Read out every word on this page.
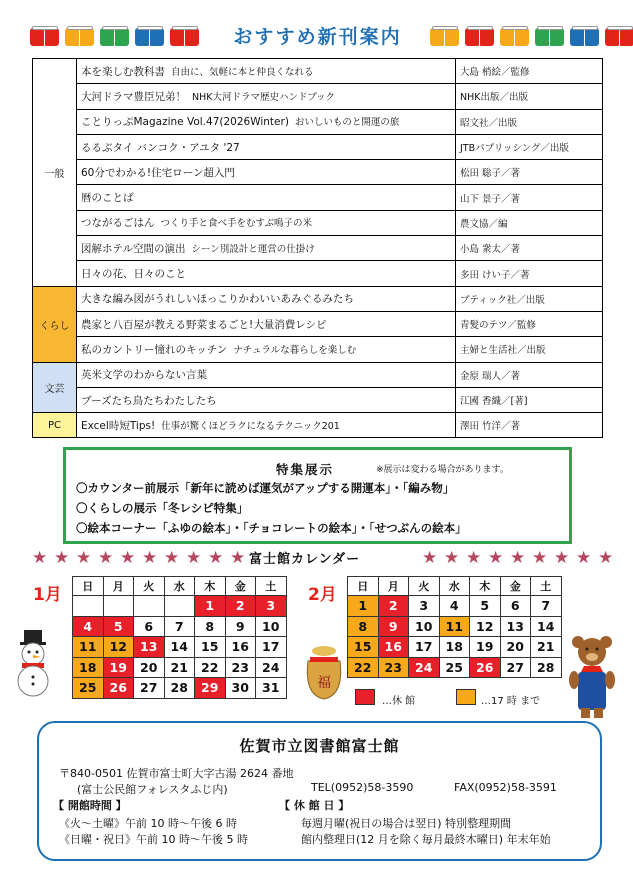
おすすめ新刊案内
一般	本を楽しむ教科書 自由に、気軽に本と仲良くなれる	大島 梢絵／監修
	大河ドラマ豊臣兄弟！ NHK大河ドラマ歴史ハンドブック	NHK出版／出版
	ことりっぷMagazine Vol.47(2026Winter) おいしいものと開運の旅	昭文社／出版
	るるぶタイ バンコク・アユタ '27	JTBパブリッシング／出版
	60分でわかる!住宅ローン超入門	松田 聡子／著
	暦のことば	山下 景子／著
	つながるごはん つくり手と食べ手をむすぶ鳴子の米	農文協／編
	図解ホテル空間の演出 シーン別設計と運営の仕掛け	小島 衆太／著
	日々の花、日々のこと	多田 けい子／著
くらし	大きな編み図がうれしいほっこりかわいいあみぐるみたち	ブティック社／出版
	農家と八百屋が教える野菜まるごと!大量消費レシピ	青髪のテツ／監修
	私のカントリー憧れのキッチン ナチュラルな暮らしを楽しむ	主婦と生活社／出版
文芸	英米文学のわからない言葉	金原 瑞人／著
	ブーズたち鳥たちわたしたち	江國 香織／[著]
PC	Excel時短Tips! 仕事が驚くほどラクになるテクニック201	澤田 竹洋／著
特集展示	※展示は変わる場合があります。
〇カウンター前展示「新年に読めば運気がアップする開運本」・「編み物」
〇くらしの展示「冬レシピ特集」
〇絵本コーナー「ふゆの絵本」・「チョコレートの絵本」・「せつぶんの絵本」
★ ★ ★ ★ ★ ★ ★ ★ ★ ★	★ ★ ★ ★ ★ ★ ★ ★ ★
富士館カレンダー
1月 日	月	火	水	木	金	土
				1	2	3
4	5	6	7	8	9	10
11	12	13	14	15	16	17
18	19	20	21	22	23	24
25	26	27	28	29	30	31
2月 日	月	火	水	木	金	土
1	2	3	4	5	6	7
8	9	10	11	12	13	14
15	16	17	18	19	20	21
22	23	24	25	26	27	28
…休 館	…17 時 まで
福
佐賀市立図書館富士館
〒840-0501 佐賀市富士町大字古湯 2624 番地
(富士公民館フォレスタふじ内)	TEL(0952)58-3590	FAX(0952)58-3591
【 開館時間 】	【 休 館 日 】
《火～土曜》午前 10 時～午後 6 時
《日曜・祝日》午前 10 時～午後 5 時
毎週月曜(祝日の場合は翌日) 特別整理期間
館内整理日(12 月を除く毎月最終木曜日) 年末年始
